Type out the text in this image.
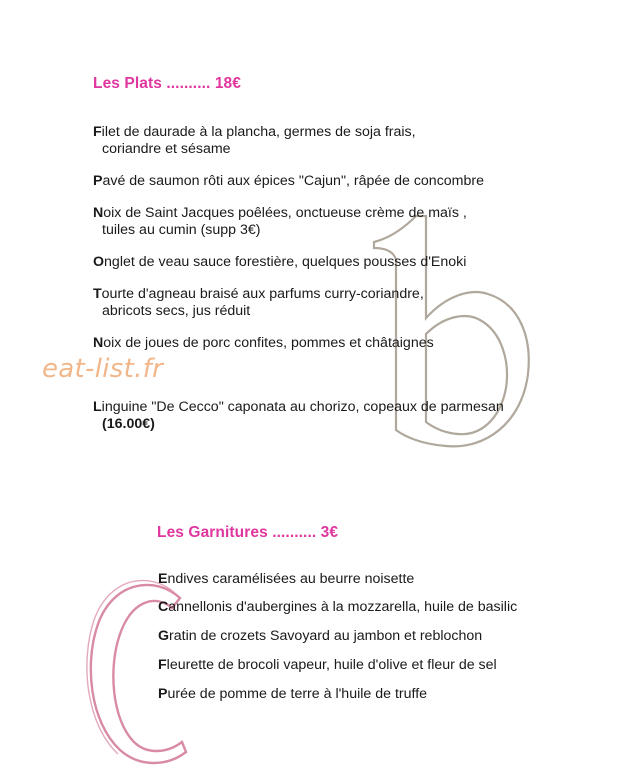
Les Plats .......... 18€
Filet de daurade à la plancha, germes de soja frais,
coriandre et sésame
Pavé de saumon rôti aux épices "Cajun", râpée de concombre
Noix de Saint Jacques poêlées, onctueuse crème de maïs ,
tuiles au cumin (supp 3€)
Onglet de veau sauce forestière, quelques pousses d'Enoki
Tourte d'agneau braisé aux parfums curry-coriandre,
abricots secs, jus réduit
Noix de joues de porc confites, pommes et châtaignes
Linguine "De Cecco" caponata au chorizo, copeaux de parmesan
(16.00€)
eat-list.fr
Les Garnitures .......... 3€
Endives caramélisées au beurre noisette
Cannellonis d'aubergines à la mozzarella, huile de basilic
Gratin de crozets Savoyard au jambon et reblochon
Fleurette de brocoli vapeur, huile d'olive et fleur de sel
Purée de pomme de terre à l'huile de truffe
